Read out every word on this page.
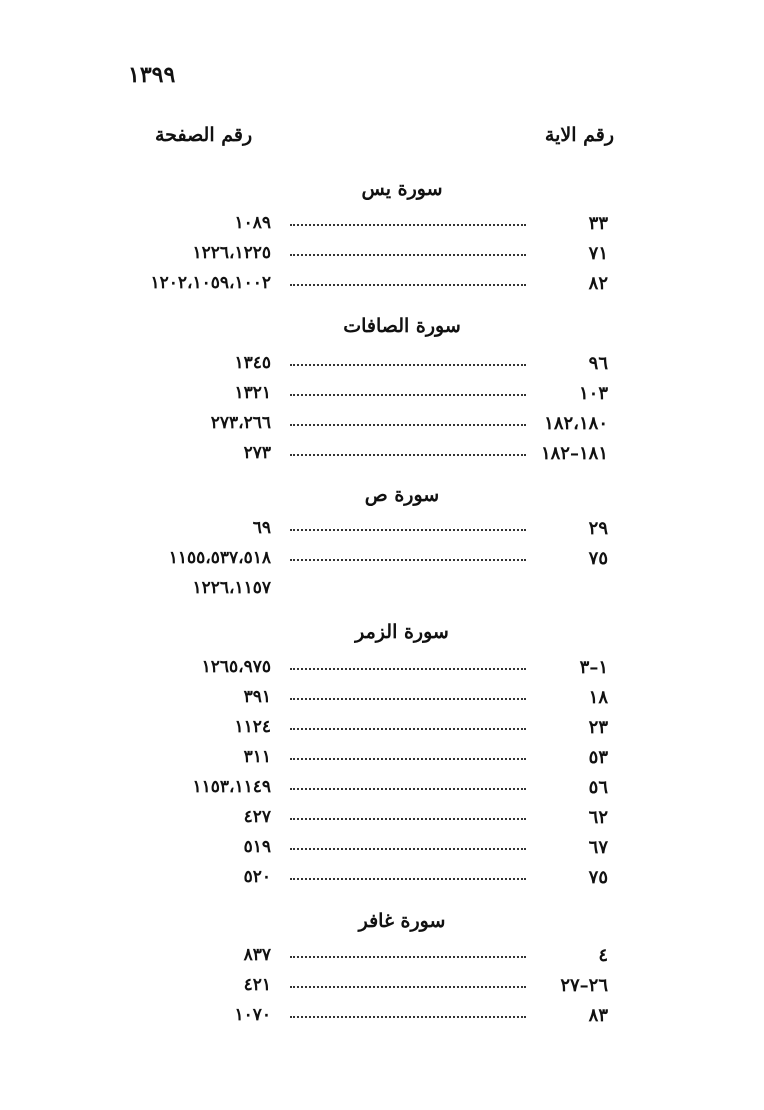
١٣٩٩
رقم الاية
رقم الصفحة
سورة يس
٣٣
١٠٨٩
٧١
١٢٢٦،١٢٢٥
٨٢
١٢٠٢،١٠٥٩،١٠٠٢
سورة الصافات
٩٦
١٣٤٥
١٠٣
١٣٢١
١٨٢،١٨٠
٢٧٣،٢٦٦
١٨١–١٨٢
٢٧٣
سورة ص
٢٩
٦٩
٧٥
١١٥٥،٥٣٧،٥١٨
١٢٢٦،١١٥٧
سورة الزمر
١–٣
١٢٦٥،٩٧٥
١٨
٣٩١
٢٣
١١٢٤
٥٣
٣١١
٥٦
١١٥٣،١١٤٩
٦٢
٤٢٧
٦٧
٥١٩
٧٥
٥٢٠
سورة غافر
٤
٨٣٧
٢٦–٢٧
٤٢١
٨٣
١٠٧٠
